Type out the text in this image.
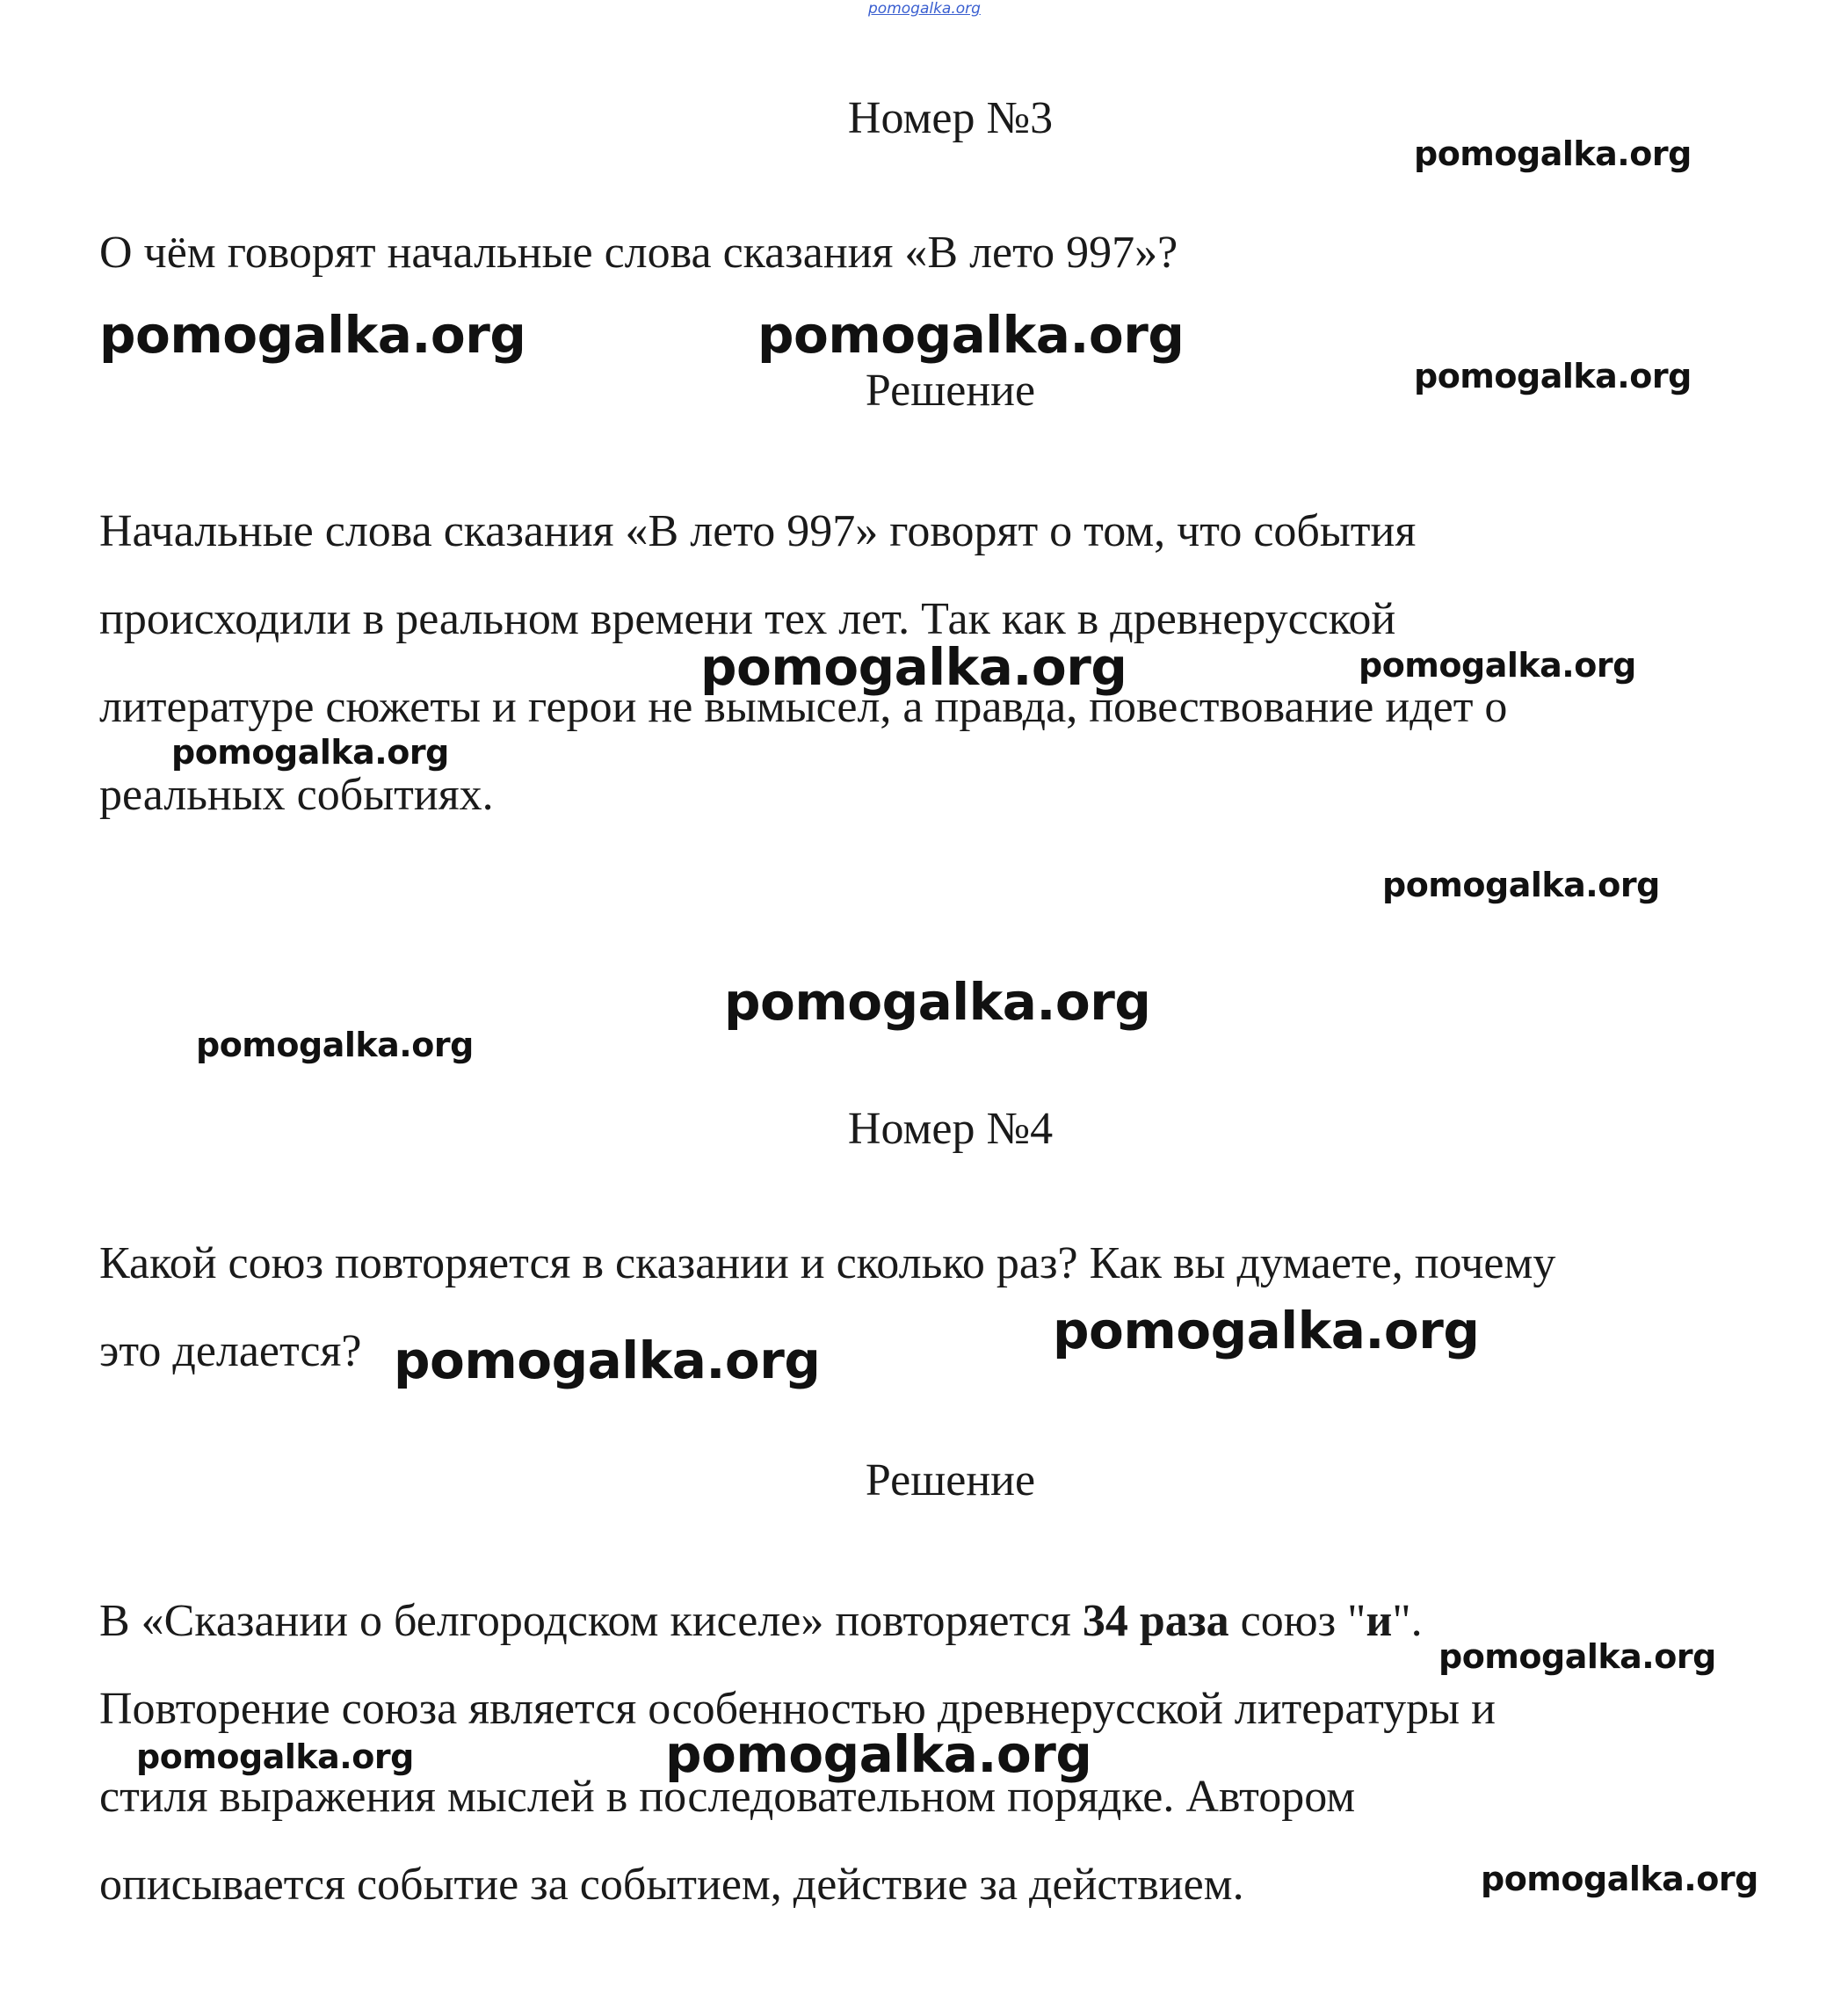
pomogalka.org
Номер №3
О чём говорят начальные слова сказания «В лето 997»?
Решение
Начальные слова сказания «В лето 997» говорят о том, что события
происходили в реальном времени тех лет. Так как в древнерусской
литературе сюжеты и герои не вымысел, а правда, повествование идет о
реальных событиях.
Номер №4
Какой союз повторяется в сказании и сколько раз? Как вы думаете, почему
это делается?
Решение
В «Сказании о белгородском киселе» повторяется 34 раза союз "и".
Повторение союза является особенностью древнерусской литературы и
стиля выражения мыслей в последовательном порядке. Автором
описывается событие за событием, действие за действием.
pomogalka.org
pomogalka.org	pomogalka.org
pomogalka.org
pomogalka.org	pomogalka.org
pomogalka.org
pomogalka.org
pomogalka.org
pomogalka.org
pomogalka.org
pomogalka.org
pomogalka.org
pomogalka.org	pomogalka.org
pomogalka.org
